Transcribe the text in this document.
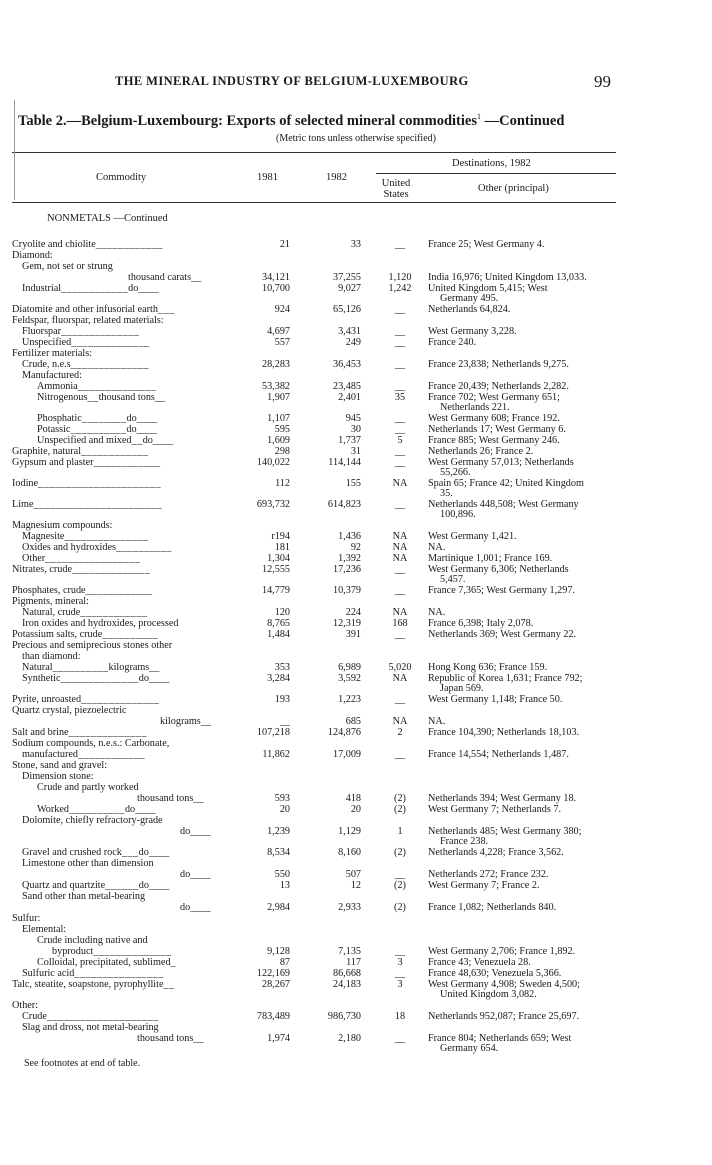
THE MINERAL INDUSTRY OF BELGIUM-LUXEMBOURG	99
Table 2.—Belgium-Luxembourg: Exports of selected mineral commodities$^1$ —Continued
(Metric tons unless otherwise specified)
Commodity	1981	1982
Destinations, 1982
United
States
Other (principal)
NONMETALS —Continued
Cryolite and chiolite____________	21	33	__	France 25; West Germany 4.
Diamond:
Gem, not set or strung
thousand carats__	34,121	37,255	1,120	India 16,976; United Kingdom 13,033.
Industrial____________do____	10,700	9,027	1,242	United Kingdom 5,415; West
Germany 495.
Diatomite and other infusorial earth___	924	65,126	__	Netherlands 64,824.
Feldspar, fluorspar, related materials:
Fluorspar______________	4,697	3,431	__	West Germany 3,228.
Unspecified______________	557	249	__	France 240.
Fertilizer materials:
Crude, n.e.s______________	28,283	36,453	__	France 23,838; Netherlands 9,275.
Manufactured:
Ammonia______________	53,382	23,485	__	France 20,439; Netherlands 2,282.
Nitrogenous__thousand tons__	1,907	2,401	35	France 702; West Germany 651;
Netherlands 221.
Phosphatic________do____	1,107	945	__	West Germany 608; France 192.
Potassic__________do____	595	30	__	Netherlands 17; West Germany 6.
Unspecified and mixed__do____	1,609	1,737	5	France 885; West Germany 246.
Graphite, natural____________	298	31	__	Netherlands 26; France 2.
Gypsum and plaster____________	140,022	114,144	__	West Germany 57,013; Netherlands
55,266.
Iodine______________________	112	155	NA	Spain 65; France 42; United Kingdom
35.
Lime_______________________	693,732	614,823	__	Netherlands 448,508; West Germany
100,896.
Magnesium compounds:
Magnesite_______________	r194	1,436	NA	West Germany 1,421.
Oxides and hydroxides__________	181	92	NA	NA.
Other_________________	1,304	1,392	NA	Martinique 1,001; France 169.
Nitrates, crude______________	12,555	17,236	__	West Germany 6,306; Netherlands
5,457.
Phosphates, crude____________	14,779	10,379	__	France 7,365; West Germany 1,297.
Pigments, mineral:
Natural, crude____________	120	224	NA	NA.
Iron oxides and hydroxides, processed	8,765	12,319	168	France 6,398; Italy 2,078.
Potassium salts, crude__________	1,484	391	__	Netherlands 369; West Germany 22.
Precious and semiprecious stones other
than diamond:
Natural__________kilograms__	353	6,989	5,020	Hong Kong 636; France 159.
Synthetic______________do____	3,284	3,592	NA	Republic of Korea 1,631; France 792;
Japan 569.
Pyrite, unroasted______________	193	1,223	__	West Germany 1,148; France 50.
Quartz crystal, piezoelectric
kilograms__	__	685	NA	NA.
Salt and brine______________	107,218	124,876	2	France 104,390; Netherlands 18,103.
Sodium compounds, n.e.s.: Carbonate,
manufactured____________	11,862	17,009	__	France 14,554; Netherlands 1,487.
Stone, sand and gravel:
Dimension stone:
Crude and partly worked
thousand tons__	593	418	(2)	Netherlands 394; West Germany 18.
Worked__________do____	20	20	(2)	West Germany 7; Netherlands 7.
Dolomite, chiefly refractory-grade
do____	1,239	1,129	1	Netherlands 485; West Germany 380;
France 238.
Gravel and crushed rock___do____	8,534	8,160	(2)	Netherlands 4,228; France 3,562.
Limestone other than dimension
do____	550	507	__	Netherlands 272; France 232.
Quartz and quartzite______do____	13	12	(2)	West Germany 7; France 2.
Sand other than metal-bearing
do____	2,984	2,933	(2)	France 1,082; Netherlands 840.
Sulfur:
Elemental:
Crude including native and
byproduct______________	9,128	7,135	__	West Germany 2,706; France 1,892.
Colloidal, precipitated, sublimed_	87	117	3	France 43; Venezuela 28.
Sulfuric acid________________	122,169	86,668	__	France 48,630; Venezuela 5,366.
Talc, steatite, soapstone, pyrophyllite__	28,267	24,183	3	West Germany 4,908; Sweden 4,500;
United Kingdom 3,082.
Other:
Crude____________________	783,489	986,730	18	Netherlands 952,087; France 25,697.
Slag and dross, not metal-bearing
thousand tons__	1,974	2,180	__	France 804; Netherlands 659; West
Germany 654.
See footnotes at end of table.
